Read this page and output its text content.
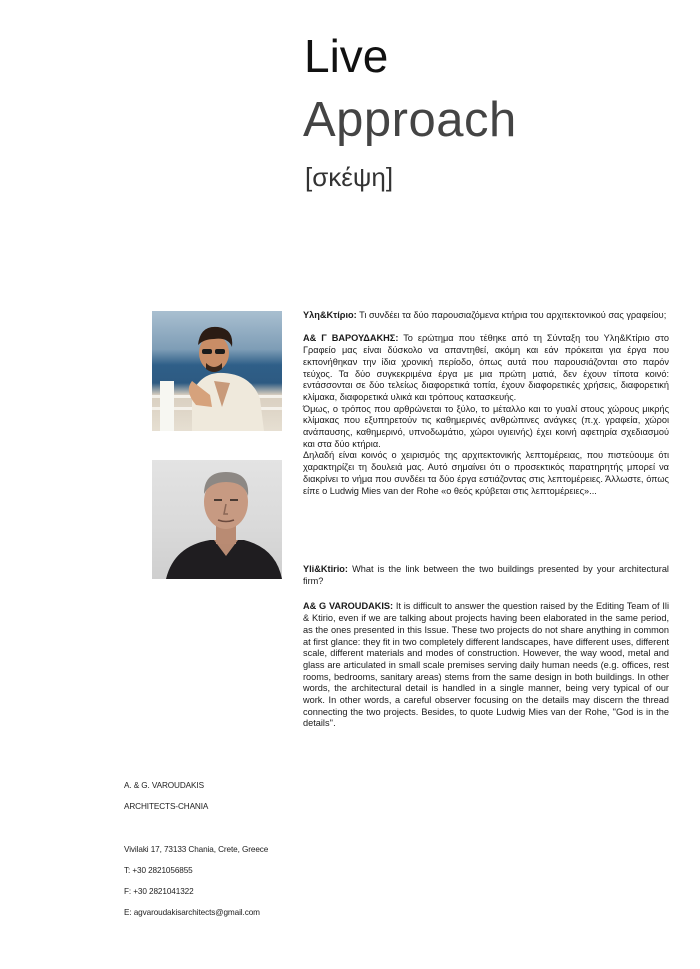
Live
Approach
[σκέψη]

Υλη&Κτίριο: Τι συνδέει τα δύο παρουσιαζόμενα κτήρια του αρχιτεκτονικού σας γραφείου;

Α& Γ ΒΑΡΟΥΔΑΚΗΣ: Το ερώτημα που τέθηκε από τη Σύνταξη του Υλη&Κτίριο στο Γραφείο μας είναι δύσκολο να απαντηθεί, ακόμη και εάν πρόκειται για έργα που εκπονήθηκαν την ίδια χρονική περίοδο, όπως αυτά που παρουσιάζονται στο παρόν τεύχος. Τα δύο συγκεκριμένα έργα με μια πρώτη ματιά, δεν έχουν τίποτα κοινό: εντάσσονται σε δύο τελείως διαφορετικά τοπία, έχουν διαφορετικές χρήσεις, διαφορετική κλίμακα, διαφορετικά υλικά και τρόπους κατασκευής.

Όμως, ο τρόπος που αρθρώνεται το ξύλο, το μέταλλο και το γυαλί στους χώρους μικρής κλίμακας που εξυπηρετούν τις καθημερινές ανθρώπινες ανάγκες (π.χ. γραφεία, χώροι ανάπαυσης, καθημερινό, υπνοδωμάτιο, χώροι υγιεινής) έχει κοινή αφετηρία σχεδιασμού και στα δύο κτήρια.

Δηλαδή είναι κοινός ο χειρισμός της αρχιτεκτονικής λεπτομέρειας, που πιστεύουμε ότι χαρακτηρίζει τη δουλειά μας. Αυτό σημαίνει ότι ο προσεκτικός παρατηρητής μπορεί να διακρίνει το νήμα που συνδέει τα δύο έργα εστιάζοντας στις λεπτομέρειες. Άλλωστε, όπως είπε ο Ludwig Mies van der Rohe «ο θεός κρύβεται στις λεπτομέρειες»...

Yli&Ktirio: What is the link between the two buildings presented by your architectural firm?

A& G VAROUDAKIS: It is difficult to answer the question raised by the Editing Team of Ili & Ktirio, even if we are talking about projects having been elaborated in the same period, as the ones presented in this Issue. These two projects do not share anything in common at first glance: they fit in two completely different landscapes, have different uses, different scale, different materials and modes of construction. However, the way wood, metal and glass are articulated in small scale premises serving daily human needs (e.g. offices, rest rooms, bedrooms, sanitary areas) stems from the same design in both buildings. In other words, the architectural detail is handled in a single manner, being very typical of our work. In other words, a careful observer focusing on the details may discern the thread connecting the two projects. Besides, to quote Ludwig Mies van der Rohe, ''God is in the details''.

A. & G. VAROUDAKIS
ARCHITECTS-CHANIA
Vivilaki 17, 73133 Chania, Crete, Greece
T: +30 2821056855
F: +30 2821041322
E: agvaroudakisarchitects@gmail.com
